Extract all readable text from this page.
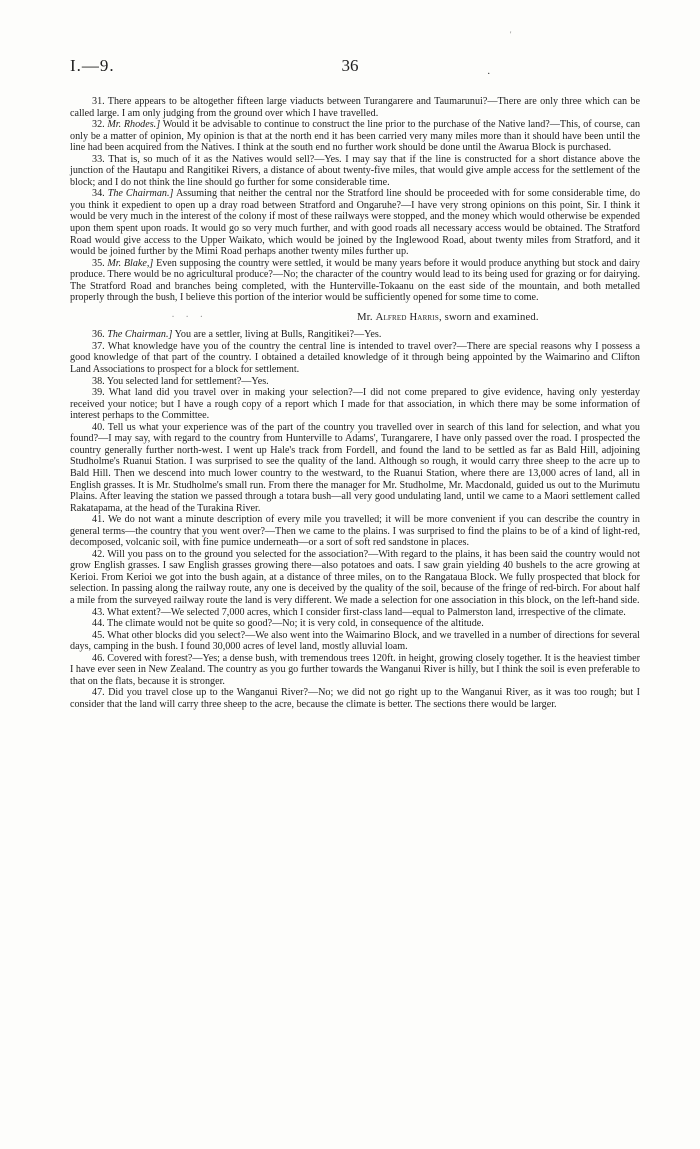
'
I.—9.	36	.

31. There appears to be altogether fifteen large viaducts between Turangarere and Taumarunui?—There are only three which can be called large. I am only judging from the ground over which I have travelled.

32. Mr. Rhodes.] Would it be advisable to continue to construct the line prior to the purchase of the Native land?—This, of course, can only be a matter of opinion, My opinion is that at the north end it has been carried very many miles more than it should have been until the line had been acquired from the Natives. I think at the south end no further work should be done until the Awarua Block is purchased.

33. That is, so much of it as the Natives would sell?—Yes. I may say that if the line is constructed for a short distance above the junction of the Hautapu and Rangitikei Rivers, a distance of about twenty-five miles, that would give ample access for the settlement of the block; and I do not think the line should go further for some considerable time.

34. The Chairman.] Assuming that neither the central nor the Stratford line should be proceeded with for some considerable time, do you think it expedient to open up a dray road between Stratford and Ongaruhe?—I have very strong opinions on this point, Sir. I think it would be very much in the interest of the colony if most of these railways were stopped, and the money which would otherwise be expended upon them spent upon roads. It would go so very much further, and with good roads all necessary access would be obtained. The Stratford Road would give access to the Upper Waikato, which would be joined by the Inglewood Road, about twenty miles from Stratford, and it would be joined further by the Mimi Road perhaps another twenty miles further up.

35. Mr. Blake,] Even supposing the country were settled, it would be many years before it would produce anything but stock and dairy produce. There would be no agricultural produce?—No; the character of the country would lead to its being used for grazing or for dairying. The Stratford Road and branches being completed, with the Hunterville-Tokaanu on the east side of the mountain, and both metalled properly through the bush, I believe this portion of the interior would be sufficiently opened for some time to come.

· · ·	Mr. Alfred Harris, sworn and examined.

36. The Chairman.] You are a settler, living at Bulls, Rangitikei?—Yes.

37. What knowledge have you of the country the central line is intended to travel over?—There are special reasons why I possess a good knowledge of that part of the country. I obtained a detailed knowledge of it through being appointed by the Waimarino and Clifton Land Associations to prospect for a block for settlement.

38. You selected land for settlement?—Yes.

39. What land did you travel over in making your selection?—I did not come prepared to give evidence, having only yesterday received your notice; but I have a rough copy of a report which I made for that association, in which there may be some information of interest perhaps to the Committee.

40. Tell us what your experience was of the part of the country you travelled over in search of this land for selection, and what you found?—I may say, with regard to the country from Hunterville to Adams', Turangarere, I have only passed over the road. I prospected the country generally further north-west. I went up Hale's track from Fordell, and found the land to be settled as far as Bald Hill, adjoining Studholme's Ruanui Station. I was surprised to see the quality of the land. Although so rough, it would carry three sheep to the acre up to Bald Hill. Then we descend into much lower country to the westward, to the Ruanui Station, where there are 13,000 acres of land, all in English grasses. It is Mr. Studholme's small run. From there the manager for Mr. Studholme, Mr. Macdonald, guided us out to the Murimutu Plains. After leaving the station we passed through a totara bush—all very good undulating land, until we came to a Maori settlement called Rakatapama, at the head of the Turakina River.

41. We do not want a minute description of every mile you travelled; it will be more convenient if you can describe the country in general terms—the country that you went over?—Then we came to the plains. I was surprised to find the plains to be of a kind of light-red, decomposed, volcanic soil, with fine pumice underneath—or a sort of soft red sandstone in places.

42. Will you pass on to the ground you selected for the association?—With regard to the plains, it has been said the country would not grow English grasses. I saw English grasses growing there—also potatoes and oats. I saw grain yielding 40 bushels to the acre growing at Kerioi. From Kerioi we got into the bush again, at a distance of three miles, on to the Rangataua Block. We fully prospected that block for selection. In passing along the railway route, any one is deceived by the quality of the soil, because of the fringe of red-birch. For about half a mile from the surveyed railway route the land is very different. We made a selection for one association in this block, on the left-hand side.

43. What extent?—We selected 7,000 acres, which I consider first-class land—equal to Palmerston land, irrespective of the climate.

44. The climate would not be quite so good?—No; it is very cold, in consequence of the altitude.

45. What other blocks did you select?—We also went into the Waimarino Block, and we travelled in a number of directions for several days, camping in the bush. I found 30,000 acres of level land, mostly alluvial loam.

46. Covered with forest?—Yes; a dense bush, with tremendous trees 120ft. in height, growing closely together. It is the heaviest timber I have ever seen in New Zealand. The country as you go further towards the Wanganui River is hilly, but I think the soil is even preferable to that on the flats, because it is stronger.

47. Did you travel close up to the Wanganui River?—No; we did not go right up to the Wanganui River, as it was too rough; but I consider that the land will carry three sheep to the acre, because the climate is better. The sections there would be larger.
